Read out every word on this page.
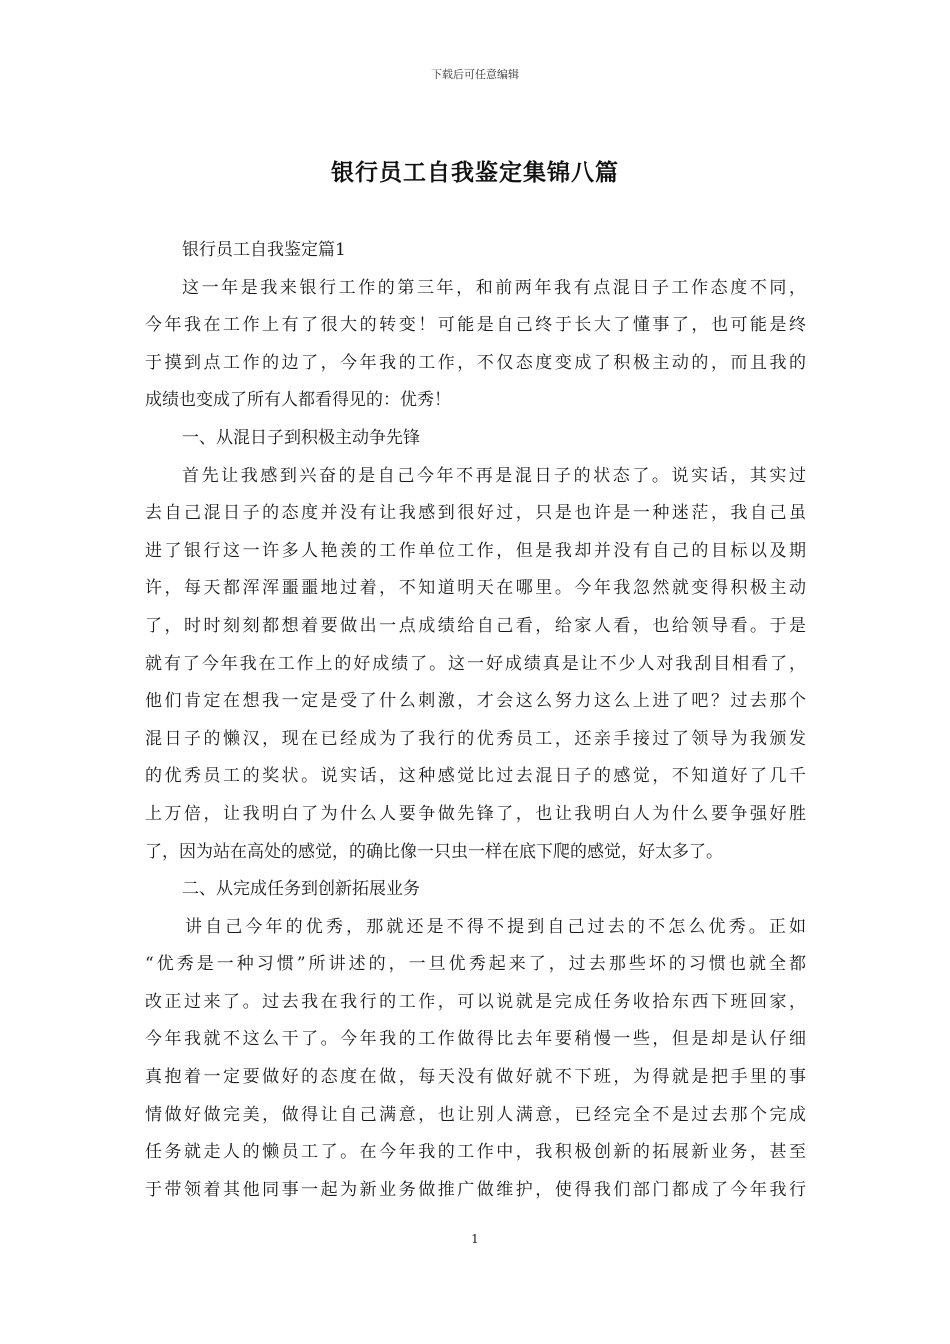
下载后可任意编辑
银行员工自我鉴定集锦八篇
银行员工自我鉴定篇1
这一年是我来银行工作的第三年，和前两年我有点混日子工作态度不同，
今年我在工作上有了很大的转变！可能是自己终于长大了懂事了，也可能是终
于摸到点工作的边了，今年我的工作，不仅态度变成了积极主动的，而且我的
成绩也变成了所有人都看得见的：优秀！
一、从混日子到积极主动争先锋
首先让我感到兴奋的是自己今年不再是混日子的状态了。说实话，其实过
去自己混日子的态度并没有让我感到很好过，只是也许是一种迷茫，我自己虽
进了银行这一许多人艳羡的工作单位工作，但是我却并没有自己的目标以及期
许，每天都浑浑噩噩地过着，不知道明天在哪里。今年我忽然就变得积极主动
了，时时刻刻都想着要做出一点成绩给自己看，给家人看，也给领导看。于是
就有了今年我在工作上的好成绩了。这一好成绩真是让不少人对我刮目相看了，
他们肯定在想我一定是受了什么刺激，才会这么努力这么上进了吧？过去那个
混日子的懒汉，现在已经成为了我行的优秀员工，还亲手接过了领导为我颁发
的优秀员工的奖状。说实话，这种感觉比过去混日子的感觉，不知道好了几千
上万倍，让我明白了为什么人要争做先锋了，也让我明白人为什么要争强好胜
了，因为站在高处的感觉，的确比像一只虫一样在底下爬的感觉，好太多了。
二、从完成任务到创新拓展业务
讲自己今年的优秀，那就还是不得不提到自己过去的不怎么优秀。正如
“优秀是一种习惯”所讲述的，一旦优秀起来了，过去那些坏的习惯也就全都
改正过来了。过去我在我行的工作，可以说就是完成任务收拾东西下班回家，
今年我就不这么干了。今年我的工作做得比去年要稍慢一些，但是却是认仔细
真抱着一定要做好的态度在做，每天没有做好就不下班，为得就是把手里的事
情做好做完美，做得让自己满意，也让别人满意，已经完全不是过去那个完成
任务就走人的懒员工了。在今年我的工作中，我积极创新的拓展新业务，甚至
于带领着其他同事一起为新业务做推广做维护，使得我们部门都成了今年我行
1
